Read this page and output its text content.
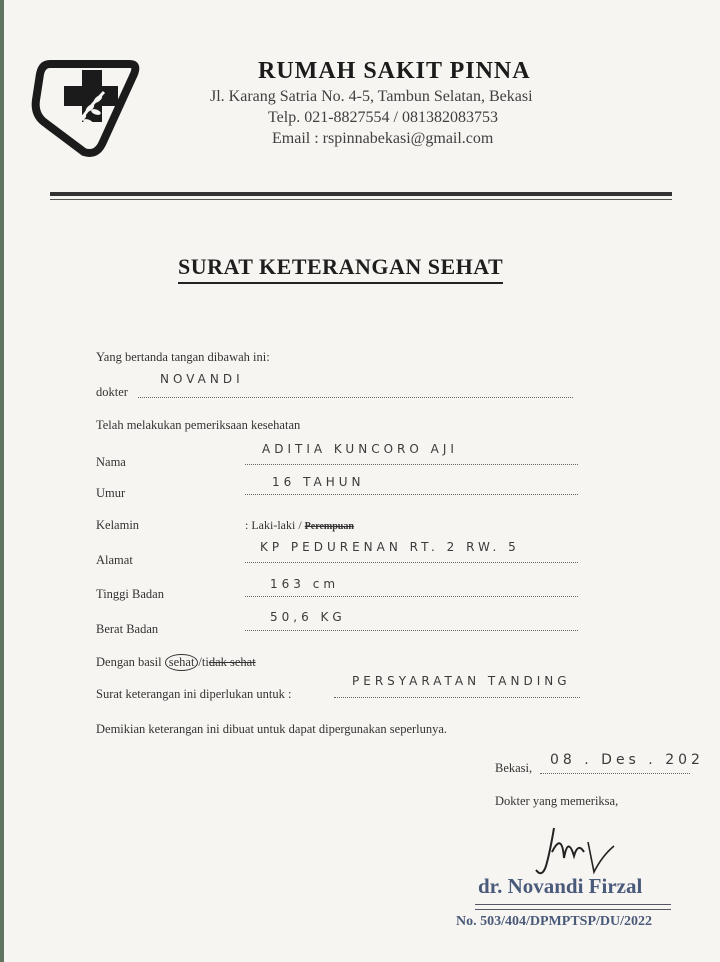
RUMAH SAKIT PINNA
Jl. Karang Satria No. 4-5, Tambun Selatan, Bekasi
Telp. 021-8827554 / 081382083753
Email : rspinnabekasi@gmail.com
SURAT KETERANGAN SEHAT
Yang bertanda tangan dibawah ini:
dokter
NOVANDI
Telah melakukan pemeriksaan kesehatan
Nama
ADITIA KUNCORO AJI
Umur
16 TAHUN
Kelamin	: Laki-laki / Perempuan
Alamat
KP PEDURENAN RT. 2 RW. 5
Tinggi Badan
163 cm
Berat Badan
50,6 KG
Dengan basil sehat /tidak sehat
Surat keterangan ini diperlukan untuk :
PERSYARATAN TANDING
Demikian keterangan ini dibuat untuk dapat dipergunakan seperlunya.
Bekasi, 08 . Des . 202
Dokter yang memeriksa,
dr. Novandi Firzal
No. 503/404/DPMPTSP/DU/2022
